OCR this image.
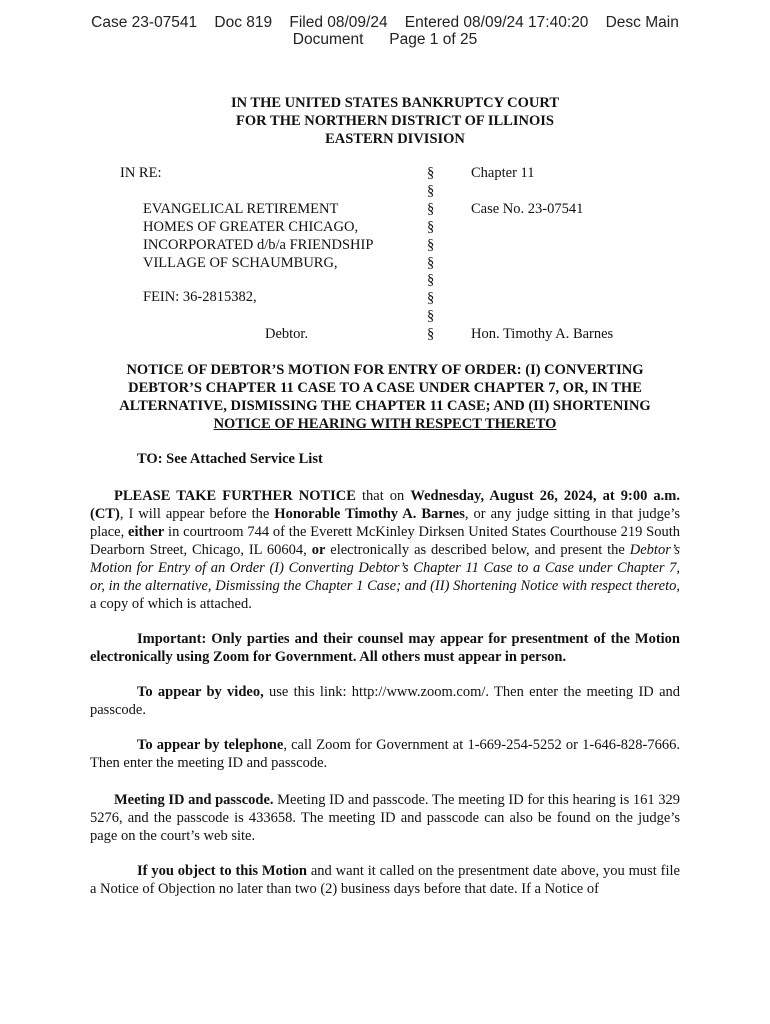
Case 23-07541    Doc 819    Filed 08/09/24    Entered 08/09/24 17:40:20    Desc Main
Document      Page 1 of 25
IN THE UNITED STATES BANKRUPTCY COURT
FOR THE NORTHERN DISTRICT OF ILLINOIS
EASTERN DIVISION
IN RE:
EVANGELICAL RETIREMENT
HOMES OF GREATER CHICAGO,
INCORPORATED d/b/a FRIENDSHIP
VILLAGE OF SCHAUMBURG,
FEIN: 36-2815382,
Debtor.
§
§
§
§
§
§
§
§
§
§
Chapter 11
Case No. 23-07541
Hon. Timothy A. Barnes
NOTICE OF DEBTOR’S MOTION FOR ENTRY OF ORDER: (I) CONVERTING
DEBTOR’S CHAPTER 11 CASE TO A CASE UNDER CHAPTER 7, OR, IN THE
ALTERNATIVE, DISMISSING THE CHAPTER 11 CASE; AND (II) SHORTENING
NOTICE OF HEARING WITH RESPECT THERETO
TO: See Attached Service List
PLEASE TAKE FURTHER NOTICE that on Wednesday, August 26, 2024, at 9:00 a.m. (CT), I will appear before the Honorable Timothy A. Barnes, or any judge sitting in that judge’s place, either in courtroom 744 of the Everett McKinley Dirksen United States Courthouse 219 South Dearborn Street, Chicago, IL 60604, or electronically as described below, and present the Debtor’s Motion for Entry of an Order (I) Converting Debtor’s Chapter 11 Case to a Case under Chapter 7, or, in the alternative, Dismissing the Chapter 1 Case; and (II) Shortening Notice with respect thereto, a copy of which is attached.
Important: Only parties and their counsel may appear for presentment of the Motion electronically using Zoom for Government. All others must appear in person.
To appear by video, use this link: http://www.zoom.com/. Then enter the meeting ID and passcode.
To appear by telephone, call Zoom for Government at 1-669-254-5252 or 1-646-828-7666. Then enter the meeting ID and passcode.
Meeting ID and passcode. Meeting ID and passcode. The meeting ID for this hearing is 161 329 5276, and the passcode is 433658. The meeting ID and passcode can also be found on the judge’s page on the court’s web site.
If you object to this Motion and want it called on the presentment date above, you must file a Notice of Objection no later than two (2) business days before that date. If a Notice of
